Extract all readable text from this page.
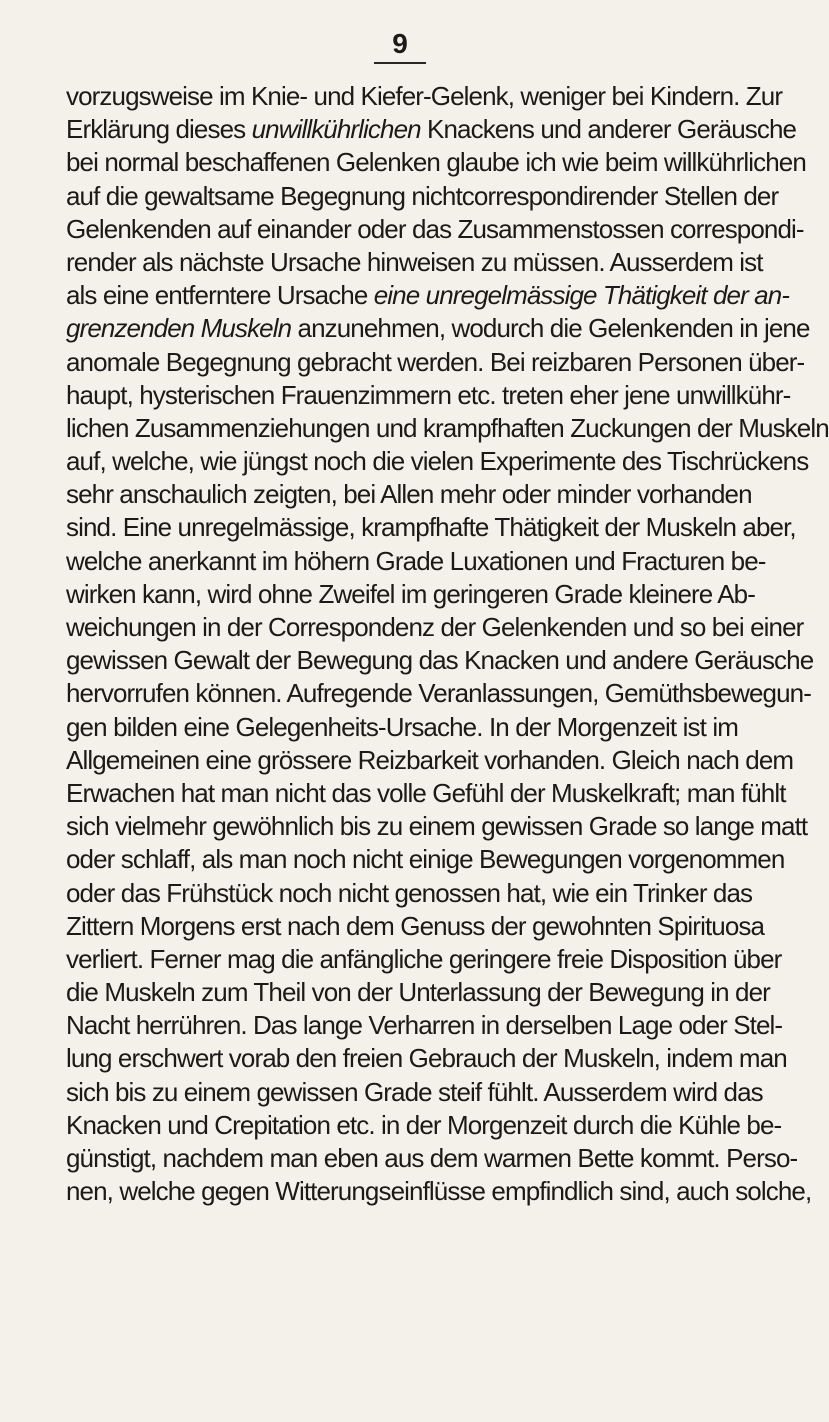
9
vorzugsweise im Knie- und Kiefer-Gelenk, weniger bei Kindern. Zur
Erklärung dieses unwillkührlichen Knackens und anderer Geräusche
bei normal beschaffenen Gelenken glaube ich wie beim willkührlichen
auf die gewaltsame Begegnung nichtcorrespondirender Stellen der
Gelenkenden auf einander oder das Zusammenstossen correspondi-
render als nächste Ursache hinweisen zu müssen. Ausserdem ist
als eine entferntere Ursache eine unregelmässige Thätigkeit der an-
grenzenden Muskeln anzunehmen, wodurch die Gelenkenden in jene
anomale Begegnung gebracht werden. Bei reizbaren Personen über-
haupt, hysterischen Frauenzimmern etc. treten eher jene unwillkühr-
lichen Zusammenziehungen und krampfhaften Zuckungen der Muskeln
auf, welche, wie jüngst noch die vielen Experimente des Tischrückens
sehr anschaulich zeigten, bei Allen mehr oder minder vorhanden
sind. Eine unregelmässige, krampfhafte Thätigkeit der Muskeln aber,
welche anerkannt im höhern Grade Luxationen und Fracturen be-
wirken kann, wird ohne Zweifel im geringeren Grade kleinere Ab-
weichungen in der Correspondenz der Gelenkenden und so bei einer
gewissen Gewalt der Bewegung das Knacken und andere Geräusche
hervorrufen können. Aufregende Veranlassungen, Gemüthsbewegun-
gen bilden eine Gelegenheits-Ursache. In der Morgenzeit ist im
Allgemeinen eine grössere Reizbarkeit vorhanden. Gleich nach dem
Erwachen hat man nicht das volle Gefühl der Muskelkraft; man fühlt
sich vielmehr gewöhnlich bis zu einem gewissen Grade so lange matt
oder schlaff, als man noch nicht einige Bewegungen vorgenommen
oder das Frühstück noch nicht genossen hat, wie ein Trinker das
Zittern Morgens erst nach dem Genuss der gewohnten Spirituosa
verliert. Ferner mag die anfängliche geringere freie Disposition über
die Muskeln zum Theil von der Unterlassung der Bewegung in der
Nacht herrühren. Das lange Verharren in derselben Lage oder Stel-
lung erschwert vorab den freien Gebrauch der Muskeln, indem man
sich bis zu einem gewissen Grade steif fühlt. Ausserdem wird das
Knacken und Crepitation etc. in der Morgenzeit durch die Kühle be-
günstigt, nachdem man eben aus dem warmen Bette kommt. Perso-
nen, welche gegen Witterungseinflüsse empfindlich sind, auch solche,
